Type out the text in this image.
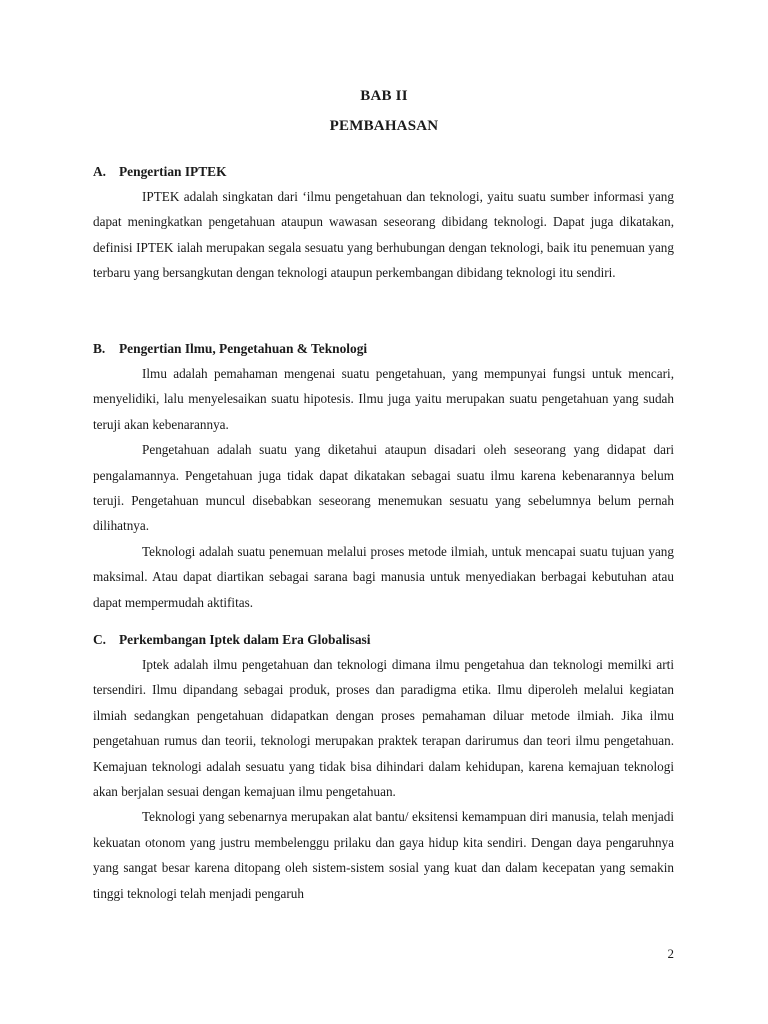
BAB II
PEMBAHASAN
A. Pengertian IPTEK

IPTEK adalah singkatan dari ‘ilmu pengetahuan dan teknologi, yaitu suatu sumber informasi yang dapat meningkatkan pengetahuan ataupun wawasan seseorang dibidang teknologi. Dapat juga dikatakan, definisi IPTEK ialah merupakan segala sesuatu yang berhubungan dengan teknologi, baik itu penemuan yang terbaru yang bersangkutan dengan teknologi ataupun perkembangan dibidang teknologi itu sendiri.

B. Pengertian Ilmu, Pengetahuan & Teknologi

Ilmu adalah pemahaman mengenai suatu pengetahuan, yang mempunyai fungsi untuk mencari, menyelidiki, lalu menyelesaikan suatu hipotesis. Ilmu juga yaitu merupakan suatu pengetahuan yang sudah teruji akan kebenarannya.

Pengetahuan adalah suatu yang diketahui ataupun disadari oleh seseorang yang didapat dari pengalamannya. Pengetahuan juga tidak dapat dikatakan sebagai suatu ilmu karena kebenarannya belum teruji. Pengetahuan muncul disebabkan seseorang menemukan sesuatu yang sebelumnya belum pernah dilihatnya.

Teknologi adalah suatu penemuan melalui proses metode ilmiah, untuk mencapai suatu tujuan yang maksimal. Atau dapat diartikan sebagai sarana bagi manusia untuk menyediakan berbagai kebutuhan atau dapat mempermudah aktifitas.

C. Perkembangan Iptek dalam Era Globalisasi

Iptek adalah ilmu pengetahuan dan teknologi dimana ilmu pengetahua dan teknologi memilki arti tersendiri. Ilmu dipandang sebagai produk, proses dan paradigma etika. Ilmu diperoleh melalui kegiatan ilmiah sedangkan pengetahuan didapatkan dengan proses pemahaman diluar metode ilmiah. Jika ilmu pengetahuan rumus dan teorii, teknologi merupakan praktek terapan darirumus dan teori ilmu pengetahuan. Kemajuan teknologi adalah sesuatu yang tidak bisa dihindari dalam kehidupan, karena kemajuan teknologi akan berjalan sesuai dengan kemajuan ilmu pengetahuan.

Teknologi yang sebenarnya merupakan alat bantu/ eksitensi kemampuan diri manusia, telah menjadi kekuatan otonom yang justru membelenggu prilaku dan gaya hidup kita sendiri. Dengan daya pengaruhnya yang sangat besar karena ditopang oleh sistem-sistem sosial yang kuat dan dalam kecepatan yang semakin tinggi teknologi telah menjadi pengaruh

2
